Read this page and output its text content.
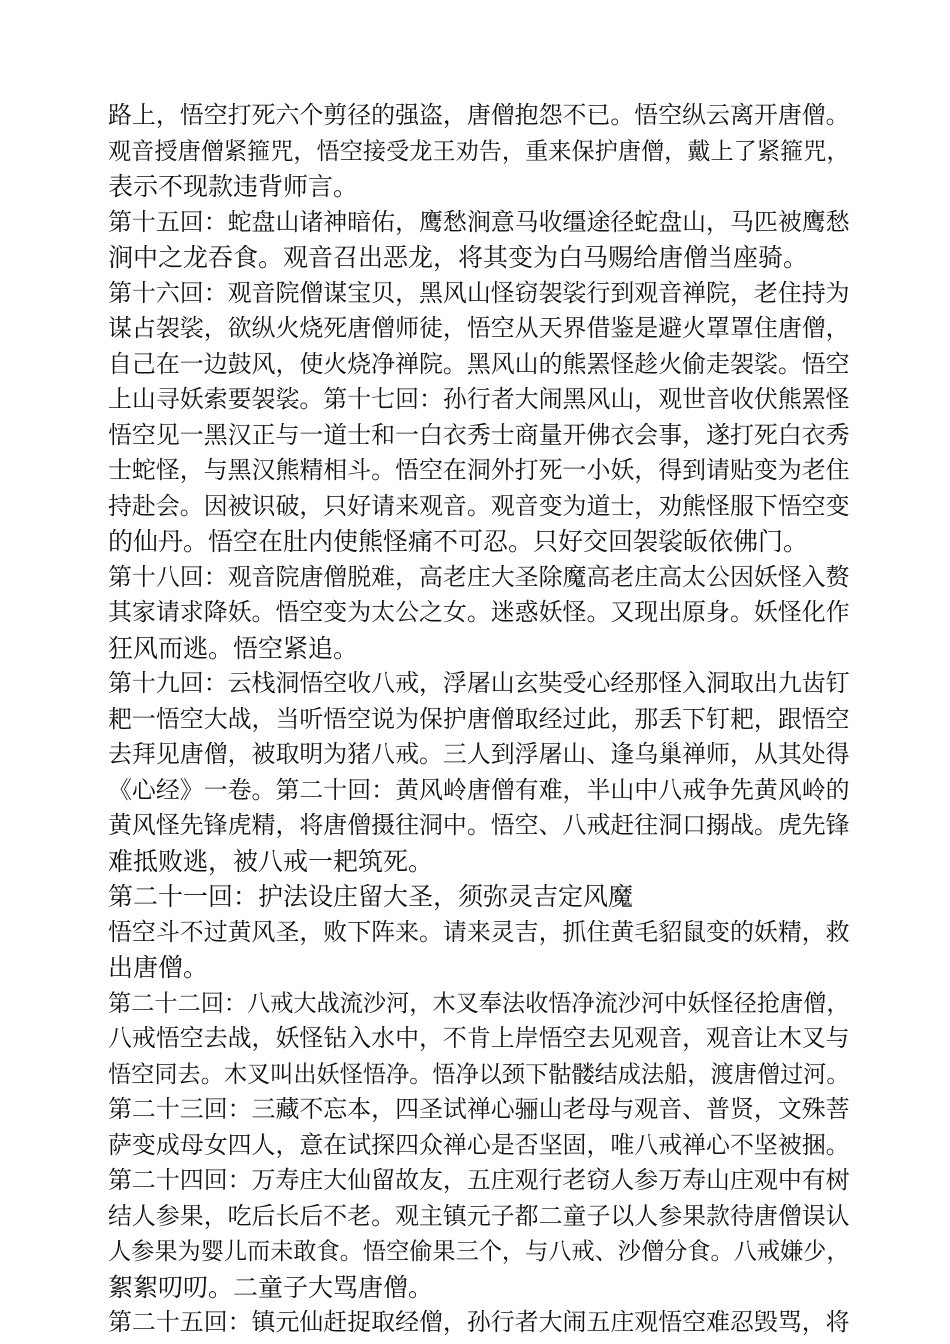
路上，悟空打死六个剪径的强盗，唐僧抱怨不已。悟空纵云离开唐僧。
观音授唐僧紧箍咒，悟空接受龙王劝告，重来保护唐僧，戴上了紧箍咒，
表示不现款违背师言。
第十五回：蛇盘山诸神暗佑，鹰愁涧意马收缰途径蛇盘山，马匹被鹰愁
涧中之龙吞食。观音召出恶龙，将其变为白马赐给唐僧当座骑。
第十六回：观音院僧谋宝贝，黑风山怪窃袈裟行到观音禅院，老住持为
谋占袈裟，欲纵火烧死唐僧师徒，悟空从天界借鉴是避火罩罩住唐僧，
自己在一边鼓风，使火烧净禅院。黑风山的熊罴怪趁火偷走袈裟。悟空
上山寻妖索要袈裟。第十七回：孙行者大闹黑风山，观世音收伏熊罴怪
悟空见一黑汉正与一道士和一白衣秀士商量开佛衣会事，遂打死白衣秀
士蛇怪，与黑汉熊精相斗。悟空在洞外打死一小妖，得到请贴变为老住
持赴会。因被识破，只好请来观音。观音变为道士，劝熊怪服下悟空变
的仙丹。悟空在肚内使熊怪痛不可忍。只好交回袈裟皈依佛门。
第十八回：观音院唐僧脱难，高老庄大圣除魔高老庄高太公因妖怪入赘
其家请求降妖。悟空变为太公之女。迷惑妖怪。又现出原身。妖怪化作
狂风而逃。悟空紧追。
第十九回：云栈洞悟空收八戒，浮屠山玄奘受心经那怪入洞取出九齿钉
耙一悟空大战，当听悟空说为保护唐僧取经过此，那丢下钉耙，跟悟空
去拜见唐僧，被取明为猪八戒。三人到浮屠山、逢乌巢禅师，从其处得
《心经》一卷。第二十回：黄风岭唐僧有难，半山中八戒争先黄风岭的
黄风怪先锋虎精，将唐僧摄往洞中。悟空、八戒赶往洞口搦战。虎先锋
难抵败逃，被八戒一耙筑死。
第二十一回：护法设庄留大圣，须弥灵吉定风魔
悟空斗不过黄风圣，败下阵来。请来灵吉，抓住黄毛貂鼠变的妖精，救
出唐僧。
第二十二回：八戒大战流沙河，木叉奉法收悟净流沙河中妖怪径抢唐僧，
八戒悟空去战，妖怪钻入水中，不肯上岸悟空去见观音，观音让木叉与
悟空同去。木叉叫出妖怪悟净。悟净以颈下骷髅结成法船，渡唐僧过河。
第二十三回：三藏不忘本，四圣试禅心骊山老母与观音、普贤，文殊菩
萨变成母女四人，意在试探四众禅心是否坚固，唯八戒禅心不坚被捆。
第二十四回：万寿庄大仙留故友，五庄观行老窃人参万寿山庄观中有树
结人参果，吃后长后不老。观主镇元子都二童子以人参果款待唐僧误认
人参果为婴儿而未敢食。悟空偷果三个，与八戒、沙僧分食。八戒嫌少，
絮絮叨叨。二童子大骂唐僧。
第二十五回：镇元仙赶捉取经僧，孙行者大闹五庄观悟空难忍毁骂，将
